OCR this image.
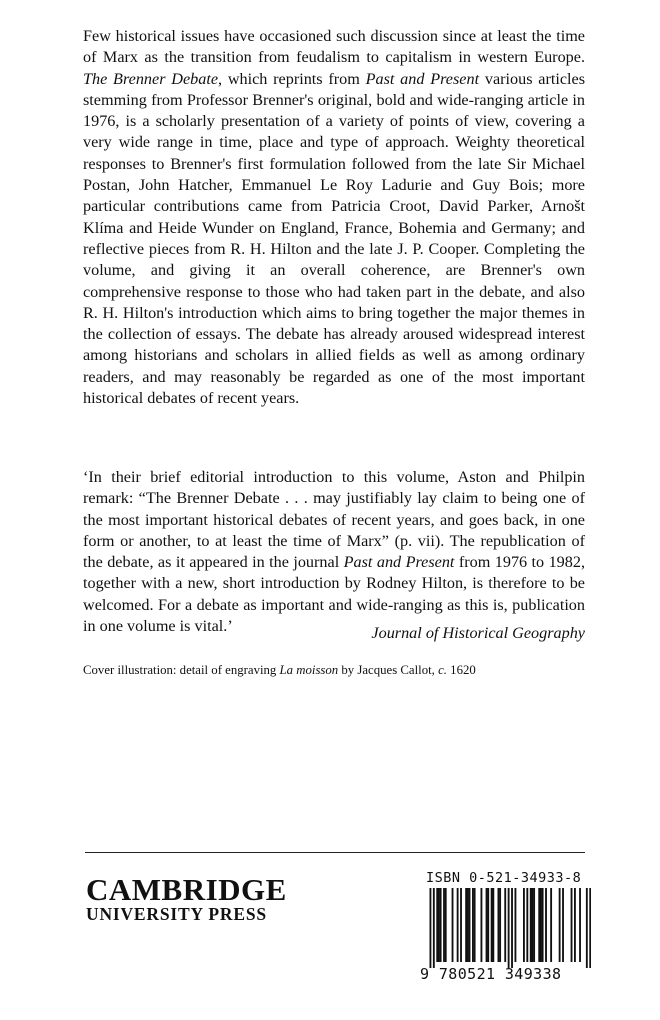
Few historical issues have occasioned such discussion since at least the time of Marx as the transition from feudalism to capitalism in western Europe. The Brenner Debate, which reprints from Past and Present various articles stemming from Professor Brenner's original, bold and wide-ranging article in 1976, is a scholarly presentation of a variety of points of view, covering a very wide range in time, place and type of approach. Weighty theoretical responses to Brenner's first formulation followed from the late Sir Michael Postan, John Hatcher, Emmanuel Le Roy Ladurie and Guy Bois; more particular contributions came from Patricia Croot, David Parker, Arnošt Klíma and Heide Wunder on England, France, Bohemia and Germany; and reflective pieces from R. H. Hilton and the late J. P. Cooper. Completing the volume, and giving it an overall coherence, are Brenner's own comprehensive response to those who had taken part in the debate, and also R. H. Hilton's introduction which aims to bring together the major themes in the collection of essays. The debate has already aroused widespread interest among historians and scholars in allied fields as well as among ordinary readers, and may reasonably be regarded as one of the most important historical debates of recent years.

‘In their brief editorial introduction to this volume, Aston and Philpin remark: “The Brenner Debate . . . may justifiably lay claim to being one of the most important historical debates of recent years, and goes back, in one form or another, to at least the time of Marx” (p. vii). The republication of the debate, as it appeared in the journal Past and Present from 1976 to 1982, together with a new, short introduction by Rodney Hilton, is therefore to be welcomed. For a debate as important and wide-ranging as this is, publication in one volume is vital.’	Journal of Historical Geography

Cover illustration: detail of engraving La moisson by Jacques Callot, c. 1620

CAMBRIDGE
UNIVERSITY PRESS
ISBN 0-521-34933-8
9 780521 349338
